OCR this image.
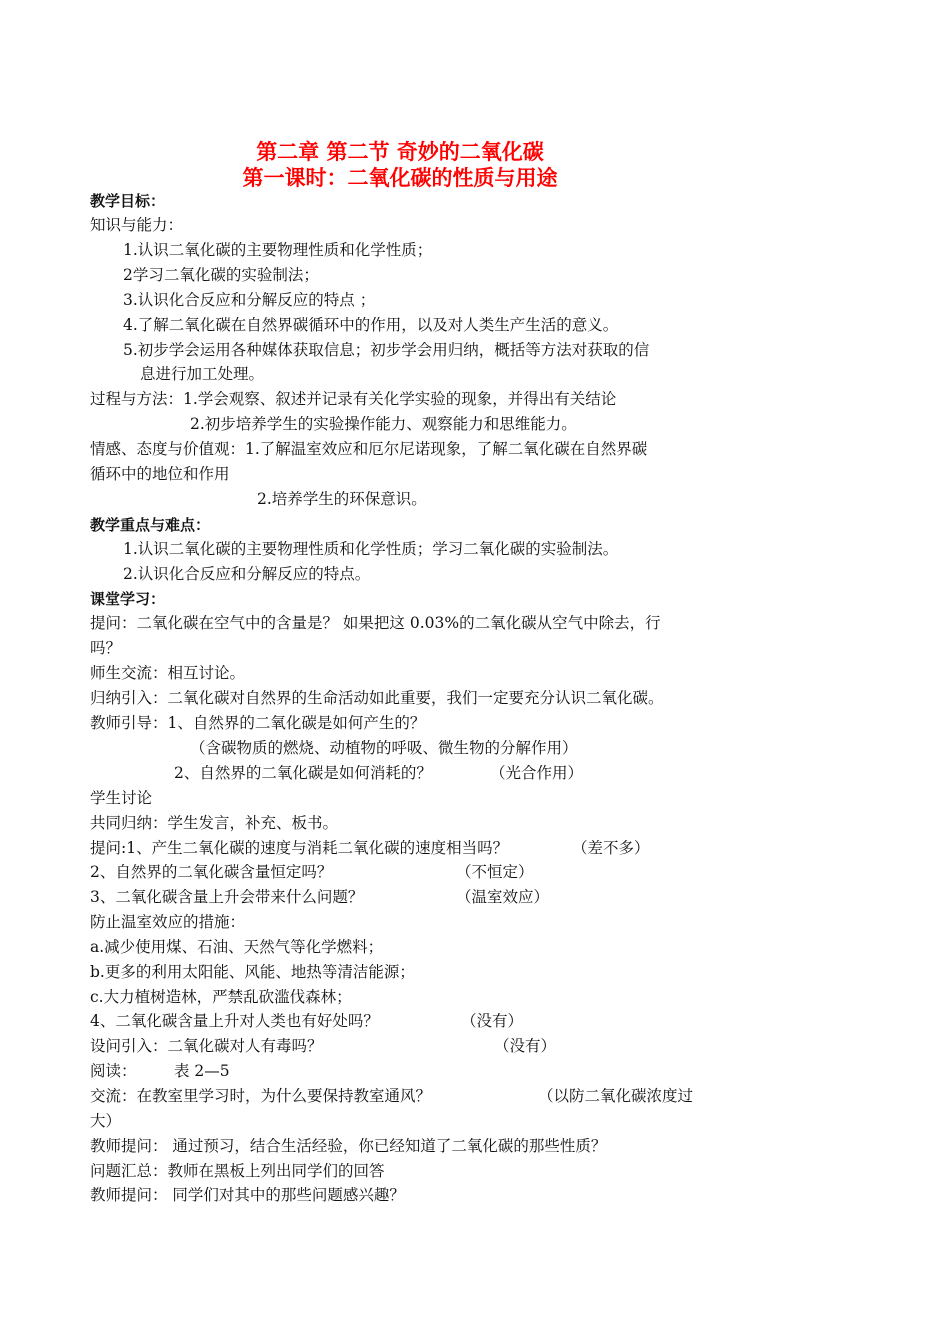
第二章 第二节 奇妙的二氧化碳
第一课时：二氧化碳的性质与用途
教学目标：
知识与能力：
1.认识二氧化碳的主要物理性质和化学性质；
2学习二氧化碳的实验制法；
3.认识化合反应和分解反应的特点 ；
4.了解二氧化碳在自然界碳循环中的作用，以及对人类生产生活的意义。
5.初步学会运用各种媒体获取信息；初步学会用归纳，概括等方法对获取的信
息进行加工处理。
过程与方法：1.学会观察、叙述并记录有关化学实验的现象，并得出有关结论
2.初步培养学生的实验操作能力、观察能力和思维能力。
情感、态度与价值观：1.了解温室效应和厄尔尼诺现象，了解二氧化碳在自然界碳
循环中的地位和作用
2.培养学生的环保意识。
教学重点与难点：
1.认识二氧化碳的主要物理性质和化学性质；学习二氧化碳的实验制法。
2.认识化合反应和分解反应的特点。
课堂学习：
提问：二氧化碳在空气中的含量是？ 如果把这 0.03%的二氧化碳从空气中除去，行
吗？
师生交流：相互讨论。
归纳引入：二氧化碳对自然界的生命活动如此重要，我们一定要充分认识二氧化碳。
教师引导：1、自然界的二氧化碳是如何产生的？
（含碳物质的燃烧、动植物的呼吸、微生物的分解作用）
2、自然界的二氧化碳是如何消耗的？	（光合作用）
学生讨论
共同归纳：学生发言，补充、板书。
提问:1、产生二氧化碳的速度与消耗二氧化碳的速度相当吗？	（差不多）
2、自然界的二氧化碳含量恒定吗？	（不恒定）
3、二氧化碳含量上升会带来什么问题？	（温室效应）
防止温室效应的措施：
a.减少使用煤、石油、天然气等化学燃料；
b.更多的利用太阳能、风能、地热等清洁能源；
c.大力植树造林，严禁乱砍滥伐森林；
4、二氧化碳含量上升对人类也有好处吗？	（没有）
设问引入：二氧化碳对人有毒吗？	（没有）
阅读： 表 2—5
交流：在教室里学习时，为什么要保持教室通风？	（以防二氧化碳浓度过
大）
教师提问： 通过预习，结合生活经验，你已经知道了二氧化碳的那些性质？
问题汇总：教师在黑板上列出同学们的回答
教师提问： 同学们对其中的那些问题感兴趣？
